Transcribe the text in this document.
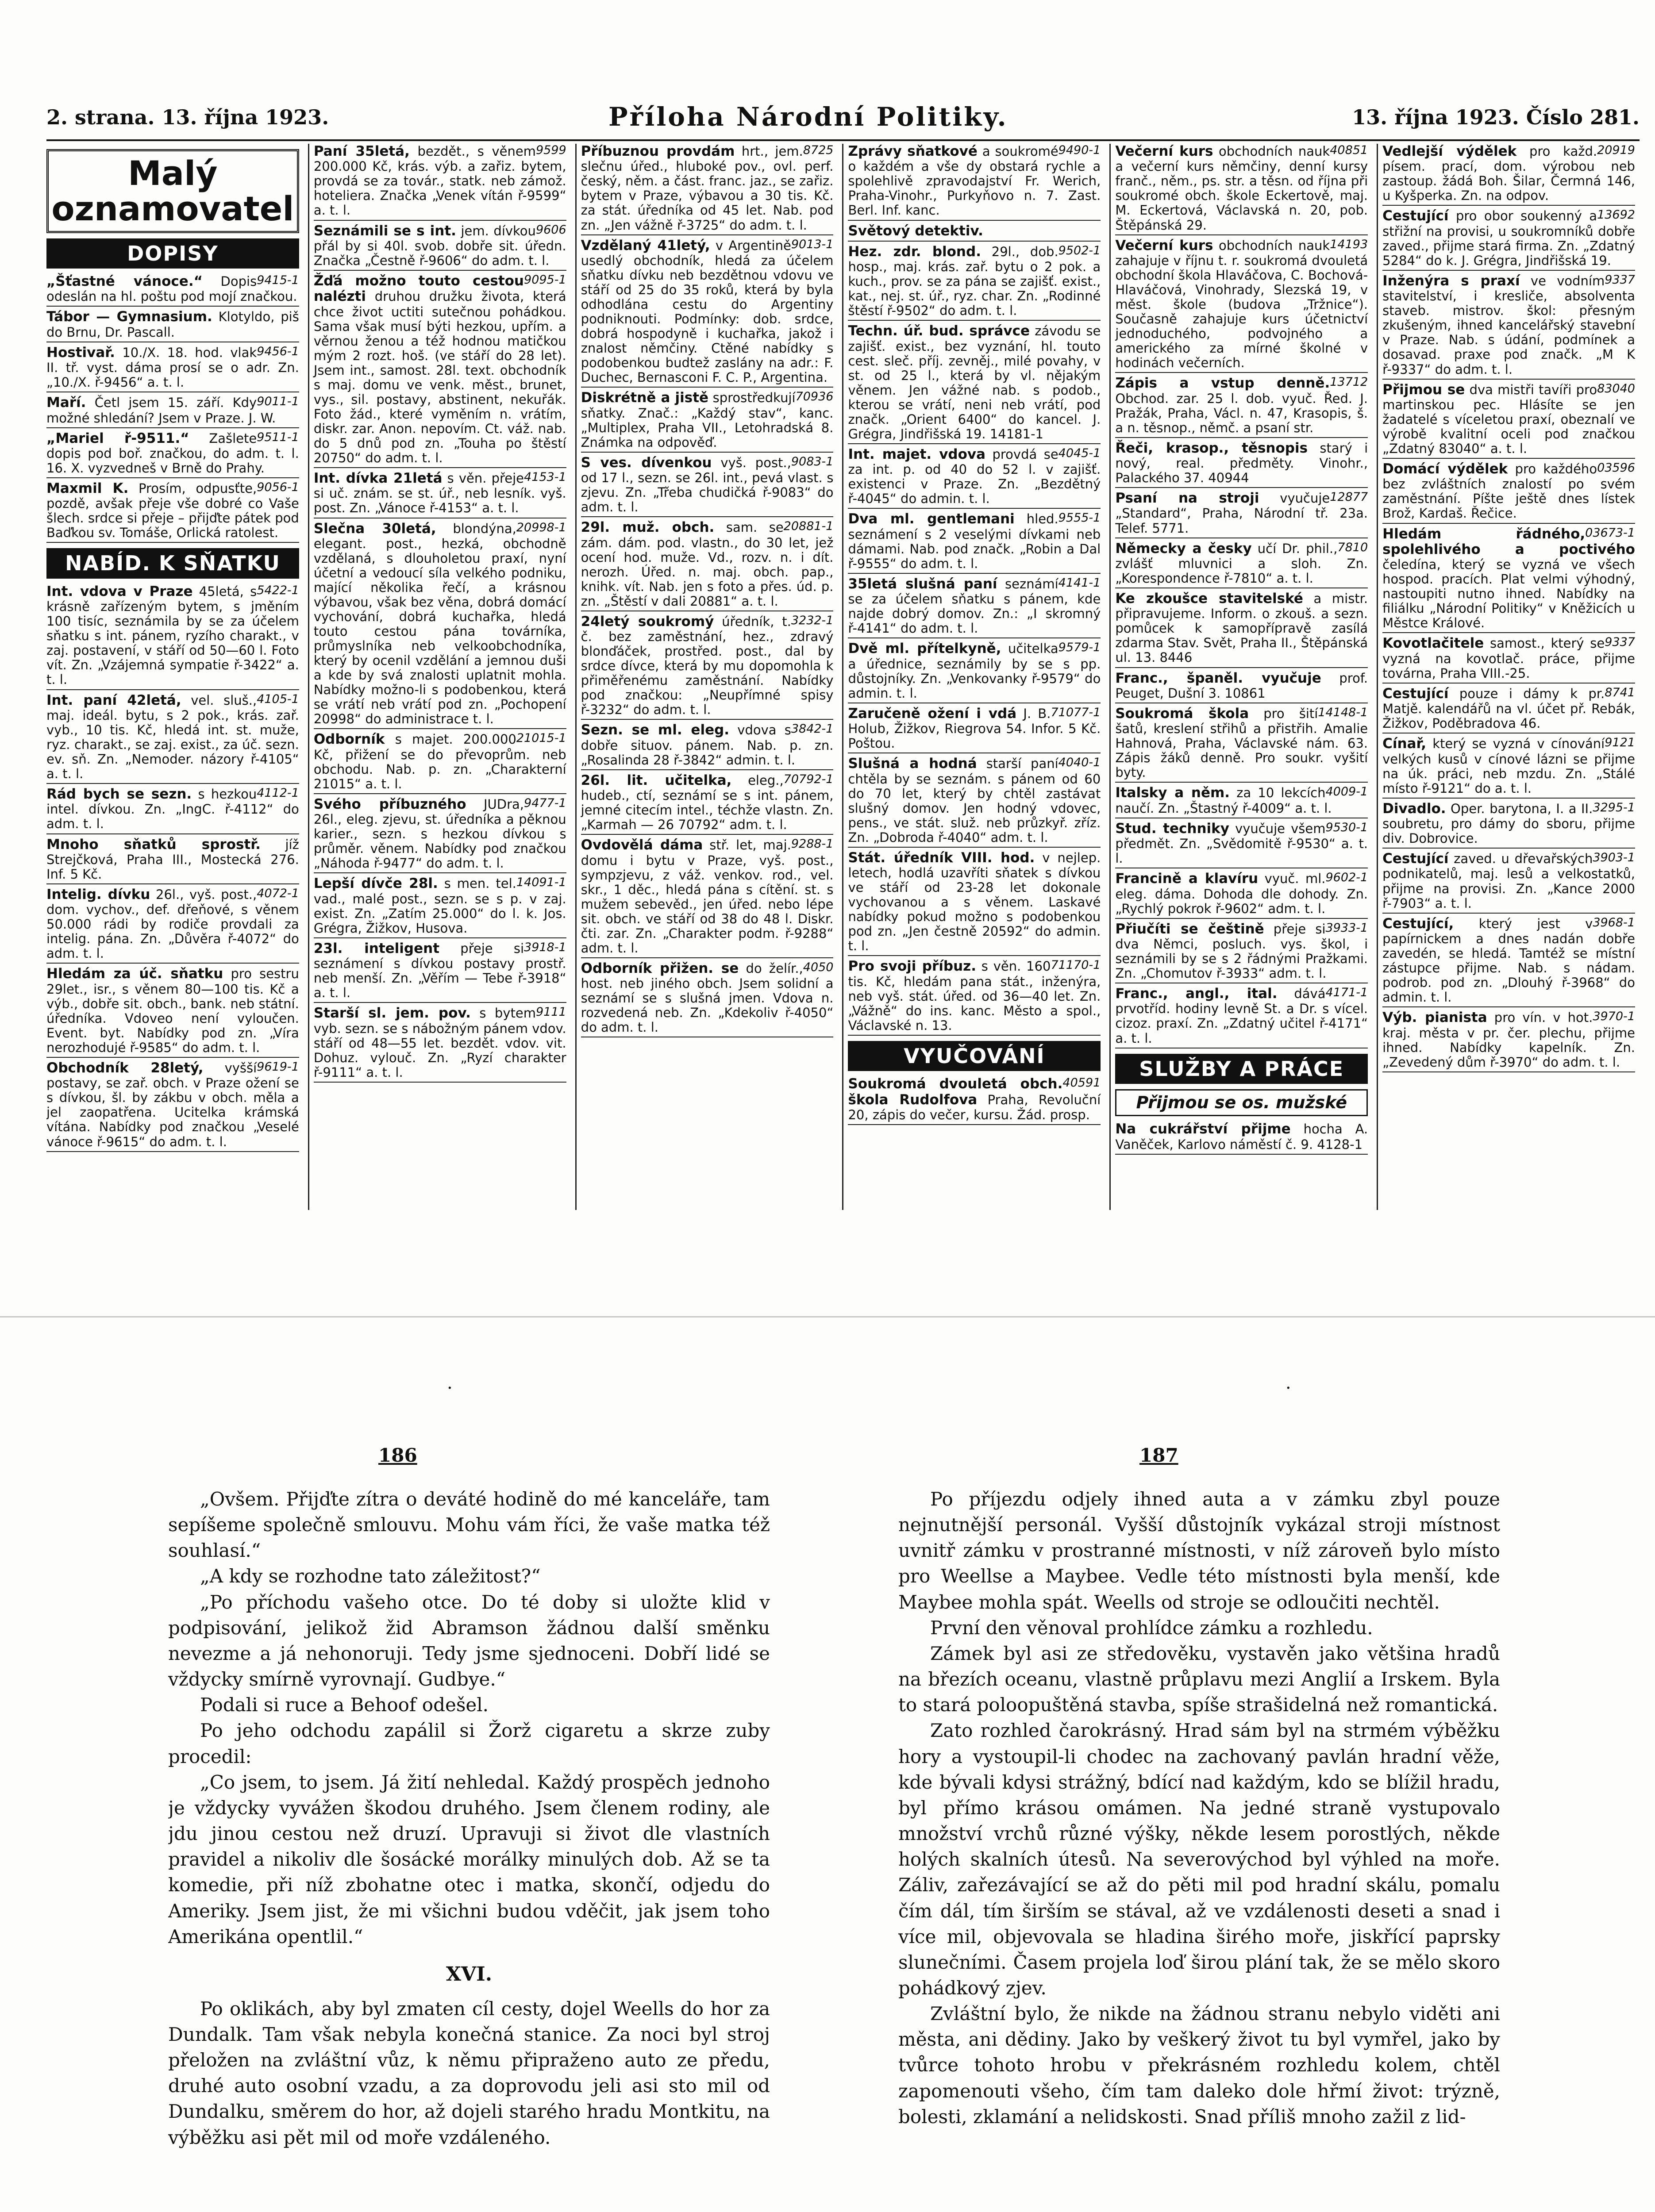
2. strana. 13. října 1923.	Příloha Národní Politiky.	13. října 1923. Číslo 281.
Malý oznamovatel
DOPISY
9415-1
„Šťastné vánoce.“ Dopis odeslán na hl. poštu pod mojí značkou.
Tábor — Gymnasium. Klotyldo, piš do Brnu, Dr. Pascall.
9456-1
Hostivař. 10./X. 18. hod. vlak II. tř. vyst. dáma prosí se o adr. Zn. „10./X. ř-9456“ a. t. l.
9011-1
Maří. Četl jsem 15. září. Kdy možné shledání? Jsem v Praze. J. W.
9511-1
„Mariel ř-9511.“ Zašlete dopis pod boř. značkou, do adm. t. l. 16. X. vyzvedneš v Brně do Prahy.
9056-1
Maxmil K. Prosím, odpusťte, pozdě, avšak přeje vše dobré co Vaše šlech. srdce si přeje – přijďte pátek pod Baďkou sv. Tomáše, Orlická ratolest.
NABÍD. K SŇATKU
5422-1
Int. vdova v Praze 45letá, s krásně zařízeným bytem, s jměním 100 tisíc, seznámila by se za účelem sňatku s int. pánem, ryzího charakt., v zaj. postavení, v stáří od 50—60 l. Foto vít. Zn. „Vzájemná sympatie ř-3422“ a. t. l.
4105-1
Int. paní 42letá, vel. sluš., maj. ideál. bytu, s 2 pok., krás. zař. vyb., 10 tis. Kč, hledá int. st. muže, ryz. charakt., se zaj. exist., za úč. sezn. ev. sň. Zn. „Nemoder. názory ř-4105“ a. t. l.
4112-1
Rád bych se sezn. s hezkou intel. dívkou. Zn. „IngC. ř-4112“ do adm. t. l.
Mnoho sňatků sprostř. jíž Strejčková, Praha III., Mostecká 276. Inf. 5 Kč.
4072-1
Intelig. dívku 26l., vyš. post., dom. vychov., def. dřeňové, s věnem 50.000 rádi by rodiče provdali za intelig. pána. Zn. „Důvěra ř-4072“ do adm. t. l.
Hledám za úč. sňatku pro sestru 29let., isr., s věnem 80—100 tis. Kč a výb., dobře sit. obch., bank. neb státní. úředníka. Vdoveo není vyloučen. Event. byt. Nabídky pod zn. „Víra nerozhodujé ř-9585“ do adm. t. l.
9619-1
Obchodník 28letý, vyšší postavy, se zař. obch. v Praze ožení se s dívkou, šl. by zákbu v obch. měla a jel zaopatřena. Ucitelka krámská vítána. Nabídky pod značkou „Veselé vánoce ř-9615“ do adm. t. l.
9599
Paní 35letá, bezdět., s věnem 200.000 Kč, krás. výb. a zařiz. bytem, provdá se za továr., statk. neb zámož. hoteliera. Značka „Venek vítán ř-9599“ a. t. l.
9606
Seznámili se s int. jem. dívkou přál by si 40l. svob. dobře sit. úředn. Značka „Čestně ř-9606“ do adm. t. l.
9095-1
Žďá možno touto cestou nalézti druhou družku života, která chce život uctiti sutečnou pohádkou. Sama však musí býti hezkou, upřím. a věrnou ženou a též hodnou matičkou mým 2 rozt. hoš. (ve stáří do 28 let). Jsem int., samost. 28l. text. obchodník s maj. domu ve venk. měst., brunet, vys., sil. postavy, abstinent, nekuřák. Foto žád., které vyměním n. vrátím, diskr. zar. Anon. nepovím. Ct. váž. nab. do 5 dnů pod zn. „Touha po štěstí 20750“ do adm. t. l.
4153-1
Int. dívka 21letá s věn. přeje si uč. znám. se st. úř., neb lesník. vyš. post. Zn. „Vánoce ř-4153“ a. t. l.
20998-1
Slečna 30letá, blondýna, elegant. post., hezká, obchodně vzdělaná, s dlouholetou praxí, nyní účetní a vedoucí síla velkého podniku, mající několika řečí, a krásnou výbavou, však bez věna, dobrá domácí vychování, dobrá kuchařka, hledá touto cestou pána továrníka, průmyslníka neb velkoobchodníka, který by ocenil vzdělání a jemnou duši a kde by svá znalosti uplatnit mohla. Nabídky možno-li s podobenkou, která se vrátí neb vrátí pod zn. „Pochopení 20998“ do administrace t. l.
21015-1
Odborník s majet. 200.000 Kč, přižení se do převoprům. neb obchodu. Nab. p. zn. „Charakterní 21015“ a. t. l.
9477-1
Svého příbuzného JUDra, 26l., eleg. zjevu, st. úředníka a pěknou karier., sezn. s hezkou dívkou s průměr. věnem. Nabídky pod značkou „Náhoda ř-9477“ do adm. t. l.
14091-1
Lepší dívče 28l. s men. tel. vad., malé post., sezn. se s p. v zaj. exist. Zn. „Zatím 25.000“ do l. k. Jos. Grégra, Žižkov, Husova.
3918-1
23l. inteligent přeje si seznámení s dívkou postavy prostř. neb menší. Zn. „Věřím — Tebe ř-3918“ a. t. l.
9111
Starší sl. jem. pov. s bytem vyb. sezn. se s nábožným pánem vdov. stáří od 48—55 let. bezdět. vdov. vit. Dohuz. vylouč. Zn. „Ryzí charakter ř-9111“ a. t. l.
8725
Příbuznou provdám hrt., jem. slečnu úřed., hluboké pov., ovl. perf. český, něm. a část. franc. jaz., se zařiz. bytem v Praze, výbavou a 30 tis. Kč. za stát. úředníka od 45 let. Nab. pod zn. „Jen vážně ř-3725“ do adm. t. l.
9013-1
Vzdělaný 41letý, v Argentině usedlý obchodník, hledá za účelem sňatku dívku neb bezdětnou vdovu ve stáří od 25 do 35 roků, která by byla odhodlána cestu do Argentiny podniknouti. Podmínky: dob. srdce, dobrá hospodyně i kuchařka, jakož i znalost němčiny. Ctěné nabídky s podobenkou budtež zaslány na adr.: F. Duchec, Bernasconi F. C. P., Argentina.
70936
Diskrétně a jistě sprostředkují sňatky. Znač.: „Každý stav“, kanc. „Multiplex, Praha VII., Letohradská 8. Známka na odpověď.
9083-1
S ves. dívenkou vyš. post., od 17 l., sezn. se 26l. int., pevá vlast. s zjevu. Zn. „Třeba chudičká ř-9083“ do adm. t. l.
20881-1
29l. muž. obch. sam. se zám. dám. pod. vlastn., do 30 let, jež ocení hod. muže. Vd., rozv. n. i dít. nerozh. Úřed. n. maj. obch. pap., knihk. vít. Nab. jen s foto a přes. úd. p. zn. „Štěstí v dali 20881“ a. t. l.
3232-1
24letý soukromý úředník, t. č. bez zaměstnání, hez., zdravý blonďáček, prostřed. post., dal by srdce dívce, která by mu dopomohla k přiměřenému zaměstnání. Nabídky pod značkou: „Neupřímné spisy ř-3232“ do adm. t. l.
3842-1
Sezn. se ml. eleg. vdova s dobře situov. pánem. Nab. p. zn. „Rosalinda 28 ř-3842“ admin. t. l.
70792-1
26l. lit. učitelka, eleg., hudeb., ctí, seznámí se s int. pánem, jemné citecím intel., téchže vlastn. Zn. „Karmah — 26 70792“ adm. t. l.
9288-1
Ovdovělá dáma stř. let, maj. domu i bytu v Praze, vyš. post., sympzjevu, z váž. venkov. rod., vel. skr., 1 děc., hledá pána s cítění. st. s mužem sebevěd., jen úřed. nebo lépe sit. obch. ve stáří od 38 do 48 l. Diskr. čti. zar. Zn. „Charakter podm. ř-9288“ adm. t. l.
4050
Odborník přižen. se do želír., host. neb jiného obch. Jsem solidní a seznámí se s slušná jmen. Vdova n. rozvedená neb. Zn. „Kdekoliv ř-4050“ do adm. t. l.
9490-1
Zprávy sňatkové a soukromé o každém a vše dy obstará rychle a spolehlivě zpravodajství Fr. Werich, Praha-Vinohr., Purkyňovo n. 7. Zast. Berl. Inf. kanc.
Světový detektiv.
9502-1
Hez. zdr. blond. 29l., dob. hosp., maj. krás. zař. bytu o 2 pok. a kuch., prov. se za pána se zajišť. exist., kat., nej. st. úř., ryz. char. Zn. „Rodinné štěstí ř-9502“ do adm. t. l.
Techn. úř. bud. správce závodu se zajišť. exist., bez vyznání, hl. touto cest. sleč. příj. zevněj., milé povahy, v st. od 25 l., která by vl. nějakým věnem. Jen vážné nab. s podob., kterou se vrátí, neni neb vrátí, pod značk. „Orient 6400“ do kancel. J. Grégra, Jindřišská 19. 14181-1
4045-1
Int. majet. vdova provdá se za int. p. od 40 do 52 l. v zajišť. existenci v Praze. Zn. „Bezdětný ř-4045“ do admin. t. l.
9555-1
Dva ml. gentlemani hled. seznámení s 2 veselými dívkami neb dámami. Nab. pod značk. „Robin a Dal ř-9555“ do adm. t. l.
4141-1
35letá slušná paní seznámí se za účelem sňatku s pánem, kde najde dobrý domov. Zn.: „I skromný ř-4141“ do adm. t. l.
9579-1
Dvě ml. přítelkyně, učitelka a úřednice, seznámily by se s pp. důstojníky. Zn. „Venkovanky ř-9579“ do admin. t. l.
71077-1
Zaručeně ožení i vdá J. B. Holub, Žižkov, Riegrova 54. Infor. 5 Kč. Poštou.
4040-1
Slušná a hodná starší paní chtěla by se seznám. s pánem od 60 do 70 let, který by chtěl zastávat slušný domov. Jen hodný vdovec, pens., ve stát. služ. neb průzkyř. zříz. Zn. „Dobroda ř-4040“ adm. t. l.
Stát. úředník VIII. hod. v nejlep. letech, hodlá uzavříti sňatek s dívkou ve stáří od 23-28 let dokonale vychovanou a s věnem. Laskavé nabídky pokud možno s podobenkou pod zn. „Jen čestně 20592“ do admin. t. l.
71170-1
Pro svoji příbuz. s věn. 160 tis. Kč, hledám pana stát., inženýra, neb vyš. stát. úřed. od 36—40 let. Zn. „Vážně“ do ins. kanc. Město a spol., Václavské n. 13.
VYUČOVÁNÍ
40591
Soukromá dvouletá obch. škola Rudolfova Praha, Revoluční 20, zápis do večer, kursu. Žád. prosp.
40851
Večerní kurs obchodních nauk a večerní kurs němčiny, denní kursy franč., něm., ps. str. a těsn. od října při soukromé obch. škole Eckertově, maj. M. Eckertová, Václavská n. 20, pob. Štěpánská 29.
14193
Večerní kurs obchodních nauk zahajuje v říjnu t. r. soukromá dvouletá obchodní škola Hlaváčova, C. Bochová-Hlaváčová, Vinohrady, Slezská 19, v měst. škole (budova „Tržnice“). Současně zahajuje kurs účetnictví jednoduchého, podvojného a amerického za mírné školné v hodinách večerních.
13712
Zápis a vstup denně. Obchod. zar. 25 l. dob. vyuč. Řed. J. Pražák, Praha, Václ. n. 47, Krasopis, š. a n. těsnop., němč. a psaní str.
Řeči, krasop., těsnopis starý i nový, real. předměty. Vinohr., Palackého 37. 40944
12877
Psaní na stroji vyučuje „Standard“, Praha, Národní tř. 23a. Telef. 5771.
7810
Německy a česky učí Dr. phil., zvlášť mluvnici a sloh. Zn. „Korespondence ř-7810“ a. t. l.
Ke zkoušce stavitelské a mistr. připravujeme. Inform. o zkouš. a sezn. pomůcek k samopřípravě zasílá zdarma Stav. Svět, Praha II., Štěpánská ul. 13. 8446
Franc., španěl. vyučuje prof. Peuget, Dušní 3. 10861
14148-1
Soukromá škola pro šití šatů, kreslení střihů a přistřih. Amalie Hahnová, Praha, Václavské nám. 63. Zápis žáků denně. Pro soukr. vyšití byty.
4009-1
Italsky a něm. za 10 lekcích naučí. Zn. „Štastný ř-4009“ a. t. l.
9530-1
Stud. techniky vyučuje všem předmět. Zn. „Svědomitě ř-9530“ a. t. l.
9602-1
Francině a klavíru vyuč. ml. eleg. dáma. Dohoda dle dohody. Zn. „Rychlý pokrok ř-9602“ adm. t. l.
3933-1
Přiučíti se češtině přeje si dva Němci, posluch. vys. škol, i seznámili by se s 2 řádnými Pražkami. Zn. „Chomutov ř-3933“ adm. t. l.
4171-1
Franc., angl., ital. dává prvotříd. hodiny levně St. a Dr. s vícel. cizoz. praxí. Zn. „Zdatný učitel ř-4171“ a. t. l.
SLUŽBY A PRÁCE
Přijmou se os. mužské
Na cukrářství přijme hocha A. Vaněček, Karlovo náměstí č. 9. 4128-1
20919
Vedlejší výdělek pro každ. písem. prací, dom. výrobou neb zastoup. žádá Boh. Šilar, Čermná 146, u Kyšperka. Zn. na odpov.
13692
Cestující pro obor soukenný a střižní na provisi, u soukromníků dobře zaved., přijme stará firma. Zn. „Zdatný 5284“ do k. J. Grégra, Jindřišská 19.
9337
Inženýra s praxí ve vodním stavitelství, i kresliče, absolventa staveb. mistrov. škol: přesným zkušeným, ihned kancelářský stavební v Praze. Nab. s údání, podmínek a dosavad. praxe pod značk. „M K ř-9337“ do adm. t. l.
83040
Přijmou se dva mistři tavíři pro martinskou pec. Hlásíte se jen žadatelé s víceletou praxí, obeznalí ve výrobě kvalitní oceli pod značkou „Zdatný 83040“ a. t. l.
03596
Domácí výdělek pro každého bez zvláštních znalostí po svém zaměstnání. Píšte ještě dnes lístek Brož, Kardaš. Řečice.
03673-1
Hledám řádného, spolehlivého a poctivého čeledína, který se vyzná ve všech hospod. pracích. Plat velmi výhodný, nastoupiti nutno ihned. Nabídky na filiálku „Národní Politiky“ v Kněžicích u Městce Králové.
9337
Kovotlačitele samost., který se vyzná na kovotlač. práce, přijme továrna, Praha VIII.-25.
8741
Cestující pouze i dámy k pr. Matjě. kalendářů na vl. účet př. Rebák, Žižkov, Poděbradova 46.
9121
Cínař, který se vyzná v cínování velkých kusů v cínové lázni se přijme na úk. práci, neb mzdu. Zn. „Stálé místo ř-9121“ do a. t. l.
3295-1
Divadlo. Oper. barytona, I. a II. soubretu, pro dámy do sboru, přijme div. Dobrovice.
3903-1
Cestující zaved. u dřevařských podnikatelů, maj. lesů a velkostatků, přijme na provisi. Zn. „Kance 2000 ř-7903“ a. t. l.
3968-1
Cestující, který jest v papírnickem a dnes nadán dobře zavedén, se hledá. Tamtéž se místní zástupce přijme. Nab. s nádam. podrob. pod zn. „Dlouhý ř-3968“ do admin. t. l.
3970-1
Výb. pianista pro vín. v hot. kraj. města v pr. čer. plechu, přijme ihned. Nabídky kapelník. Zn. „Zevedený dům ř-3970“ do adm. t. l.
·	·
186	187

„Ovšem. Přijďte zítra o deváté hodině do mé kanceláře, tam sepíšeme společně smlouvu. Mohu vám říci, že vaše matka též souhlasí.“

„A kdy se rozhodne tato záležitost?“

„Po příchodu vašeho otce. Do té doby si uložte klid v podpisování, jelikož žid Abramson žádnou další směnku nevezme a já nehonoruji. Tedy jsme sjednoceni. Dobří lidé se vždycky smírně vyrovnají. Gudbye.“

Podali si ruce a Behoof odešel.

Po jeho odchodu zapálil si Žorž cigaretu a skrze zuby procedil:

„Co jsem, to jsem. Já žití nehledal. Každý prospěch jednoho je vždycky vyvážen škodou druhého. Jsem členem rodiny, ale jdu jinou cestou než druzí. Upravuji si život dle vlastních pravidel a nikoliv dle šosácké morálky minulých dob. Až se ta komedie, při níž zbohatne otec i matka, skončí, odjedu do Ameriky. Jsem jist, že mi všichni budou vděčit, jak jsem toho Amerikána opentlil.“

XVI.

Po oklikách, aby byl zmaten cíl cesty, dojel Weells do hor za Dundalk. Tam však nebyla konečná stanice. Za noci byl stroj přeložen na zvláštní vůz, k němu připraženo auto ze předu, druhé auto osobní vzadu, a za doprovodu jeli asi sto mil od Dundalku, směrem do hor, až dojeli starého hradu Montkitu, na výběžku asi pět mil od moře vzdáleného.

Po příjezdu odjely ihned auta a v zámku zbyl pouze nejnutnější personál. Vyšší důstojník vykázal stroji místnost uvnitř zámku v prostranné místnosti, v níž zároveň bylo místo pro Weellse a Maybee. Vedle této místnosti byla menší, kde Maybee mohla spát. Weells od stroje se odloučiti nechtěl.

První den věnoval prohlídce zámku a rozhledu.

Zámek byl asi ze středověku, vystavěn jako většina hradů na březích oceanu, vlastně průplavu mezi Anglií a Irskem. Byla to stará poloopuštěná stavba, spíše strašidelná než romantická.

Zato rozhled čarokrásný. Hrad sám byl na strmém výběžku hory a vystoupil-li chodec na zachovaný pavlán hradní věže, kde bývali kdysi strážný, bdící nad každým, kdo se blížil hradu, byl přímo krásou omámen. Na jedné straně vystupovalo množství vrchů různé výšky, někde lesem porostlých, někde holých skalních útesů. Na severovýchod byl výhled na moře. Záliv, zařezávající se až do pěti mil pod hradní skálu, pomalu čím dál, tím širším se stával, až ve vzdálenosti deseti a snad i více mil, objevovala se hladina širého moře, jiskřící paprsky slunečními. Časem projela loď širou plání tak, že se mělo skoro pohádkový zjev.

Zvláštní bylo, že nikde na žádnou stranu nebylo viděti ani města, ani dědiny. Jako by veškerý život tu byl vymřel, jako by tvůrce tohoto hrobu v překrásném rozhledu kolem, chtěl zapomenouti všeho, čím tam daleko dole hřmí život: trýzně, bolesti, zklamání a nelidskosti. Snad příliš mnoho zažil z lid-
